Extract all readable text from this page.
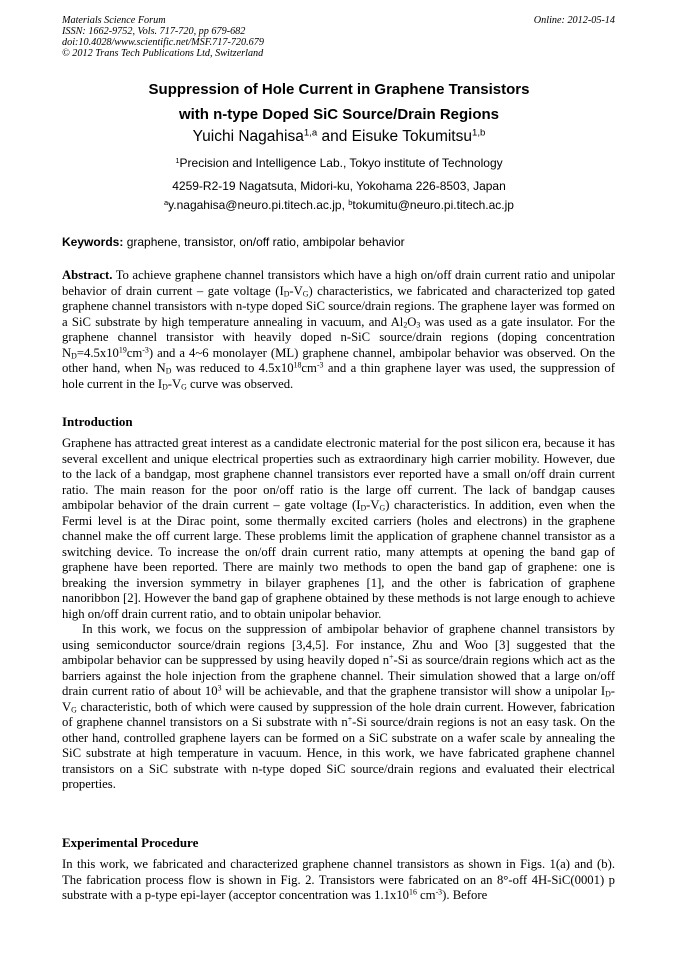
Materials Science Forum
ISSN: 1662-9752, Vols. 717-720, pp 679-682
doi:10.4028/www.scientific.net/MSF.717-720.679
© 2012 Trans Tech Publications Ltd, Switzerland
Online: 2012-05-14
Suppression of Hole Current in Graphene Transistors
with n-type Doped SiC Source/Drain Regions
Yuichi Nagahisa$^{1,a}$ and Eisuke Tokumitsu$^{1,b}$
$^1$Precision and Intelligence Lab., Tokyo institute of Technology
4259-R2-19 Nagatsuta, Midori-ku, Yokohama 226-8503, Japan
$^a$y.nagahisa@neuro.pi.titech.ac.jp, $^b$tokumitu@neuro.pi.titech.ac.jp
Keywords: graphene, transistor, on/off ratio, ambipolar behavior
Abstract. To achieve graphene channel transistors which have a high on/off drain current ratio and unipolar behavior of drain current – gate voltage $(I_D-V_G)$ characteristics, we fabricated and characterized top gated graphene channel transistors with n-type doped SiC source/drain regions. The graphene layer was formed on a SiC substrate by high temperature annealing in vacuum, and $Al_2O_3$ was used as a gate insulator. For the graphene channel transistor with heavily doped n-SiC source/drain regions (doping concentration $N_D=4.5x10^{19}cm^{-3}$) and a 4~6 monolayer (ML) graphene channel, ambipolar behavior was observed. On the other hand, when $N_D$ was reduced to $4.5x10^{18}cm^{-3}$ and a thin graphene layer was used, the suppression of hole current in the $I_D-V_G$ curve was observed.
Introduction

Graphene has attracted great interest as a candidate electronic material for the post silicon era, because it has several excellent and unique electrical properties such as extraordinary high carrier mobility. However, due to the lack of a bandgap, most graphene channel transistors ever reported have a small on/off drain current ratio. The main reason for the poor on/off ratio is the large off current. The lack of bandgap causes ambipolar behavior of the drain current – gate voltage $(I_D-V_G)$ characteristics. In addition, even when the Fermi level is at the Dirac point, some thermally excited carriers (holes and electrons) in the graphene channel make the off current large. These problems limit the application of graphene channel transistor as a switching device. To increase the on/off drain current ratio, many attempts at opening the band gap of graphene have been reported. There are mainly two methods to open the band gap of graphene: one is breaking the inversion symmetry in bilayer graphenes [1], and the other is fabrication of graphene nanoribbon [2]. However the band gap of graphene obtained by these methods is not large enough to achieve high on/off drain current ratio, and to obtain unipolar behavior.

In this work, we focus on the suppression of ambipolar behavior of graphene channel transistors by using semiconductor source/drain regions [3,4,5]. For instance, Zhu and Woo [3] suggested that the ambipolar behavior can be suppressed by using heavily doped n+-Si as source/drain regions which act as the barriers against the hole injection from the graphene channel. Their simulation showed that a large on/off drain current ratio of about $10^3$ will be achievable, and that the graphene transistor will show a unipolar $I_D-V_G$ characteristic, both of which were caused by suppression of the hole drain current. However, fabrication of graphene channel transistors on a Si substrate with n+-Si source/drain regions is not an easy task. On the other hand, controlled graphene layers can be formed on a SiC substrate on a wafer scale by annealing the SiC substrate at high temperature in vacuum. Hence, in this work, we have fabricated graphene channel transistors on a SiC substrate with n-type doped SiC source/drain regions and evaluated their electrical properties.

Experimental Procedure

In this work, we fabricated and characterized graphene channel transistors as shown in Figs. 1(a) and (b). The fabrication process flow is shown in Fig. 2. Transistors were fabricated on an 8°-off 4H-SiC(0001) p substrate with a p-type epi-layer (acceptor concentration was $1.1x10^{16}$ $cm^{-3}$). Before
